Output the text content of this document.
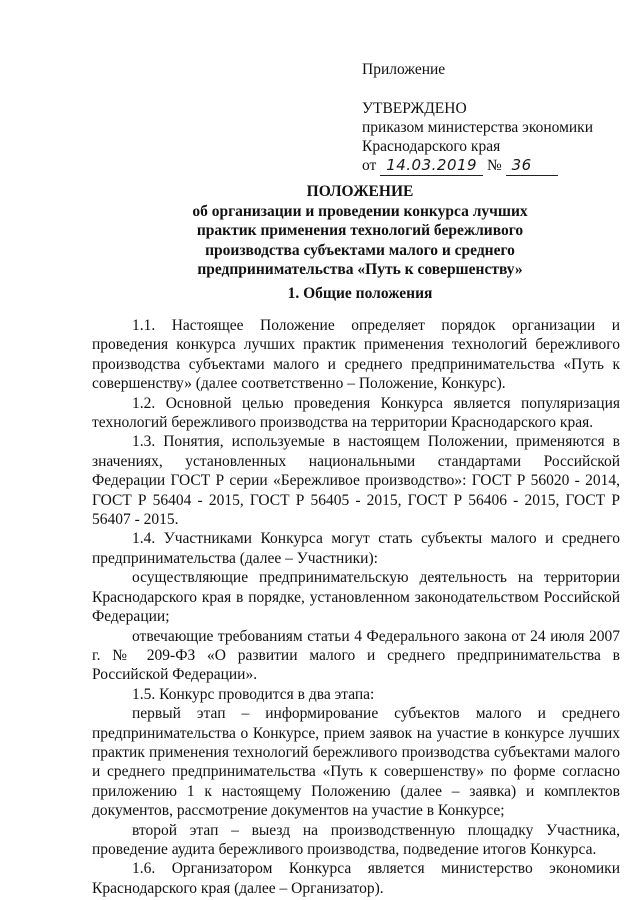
Приложение
УТВЕРЖДЕНО
приказом министерства экономики
Краснодарского края
от 14.03.2019 № 36
ПОЛОЖЕНИЕ
об организации и проведении конкурса лучших
практик применения технологий бережливого
производства субъектами малого и среднего
предпринимательства «Путь к совершенству»
1. Общие положения

1.1. Настоящее Положение определяет порядок организации и проведения конкурса лучших практик применения технологий бережливого производства субъектами малого и среднего предпринимательства «Путь к совершенству» (далее соответственно – Положение, Конкурс).

1.2. Основной целью проведения Конкурса является популяризация технологий бережливого производства на территории Краснодарского края.

1.3. Понятия, используемые в настоящем Положении, применяются в значениях, установленных национальными стандартами Российской Федерации ГОСТ Р серии «Бережливое производство»: ГОСТ Р 56020 - 2014, ГОСТ Р 56404 - 2015, ГОСТ Р 56405 - 2015, ГОСТ Р 56406 - 2015, ГОСТ Р 56407 - 2015.

1.4. Участниками Конкурса могут стать субъекты малого и среднего предпринимательства (далее – Участники):

осуществляющие предпринимательскую деятельность на территории Краснодарского края в порядке, установленном законодательством Российской Федерации;

отвечающие требованиям статьи 4 Федерального закона от 24 июля 2007 г. № 209-ФЗ «О развитии малого и среднего предпринимательства в Российской Федерации».

1.5. Конкурс проводится в два этапа:

первый этап – информирование субъектов малого и среднего предпринимательства о Конкурсе, прием заявок на участие в конкурсе лучших практик применения технологий бережливого производства субъектами малого и среднего предпринимательства «Путь к совершенству» по форме согласно приложению 1 к настоящему Положению (далее – заявка) и комплектов документов, рассмотрение документов на участие в Конкурсе;

второй этап – выезд на производственную площадку Участника, проведение аудита бережливого производства, подведение итогов Конкурса.

1.6. Организатором Конкурса является министерство экономики Краснодарского края (далее – Организатор).
